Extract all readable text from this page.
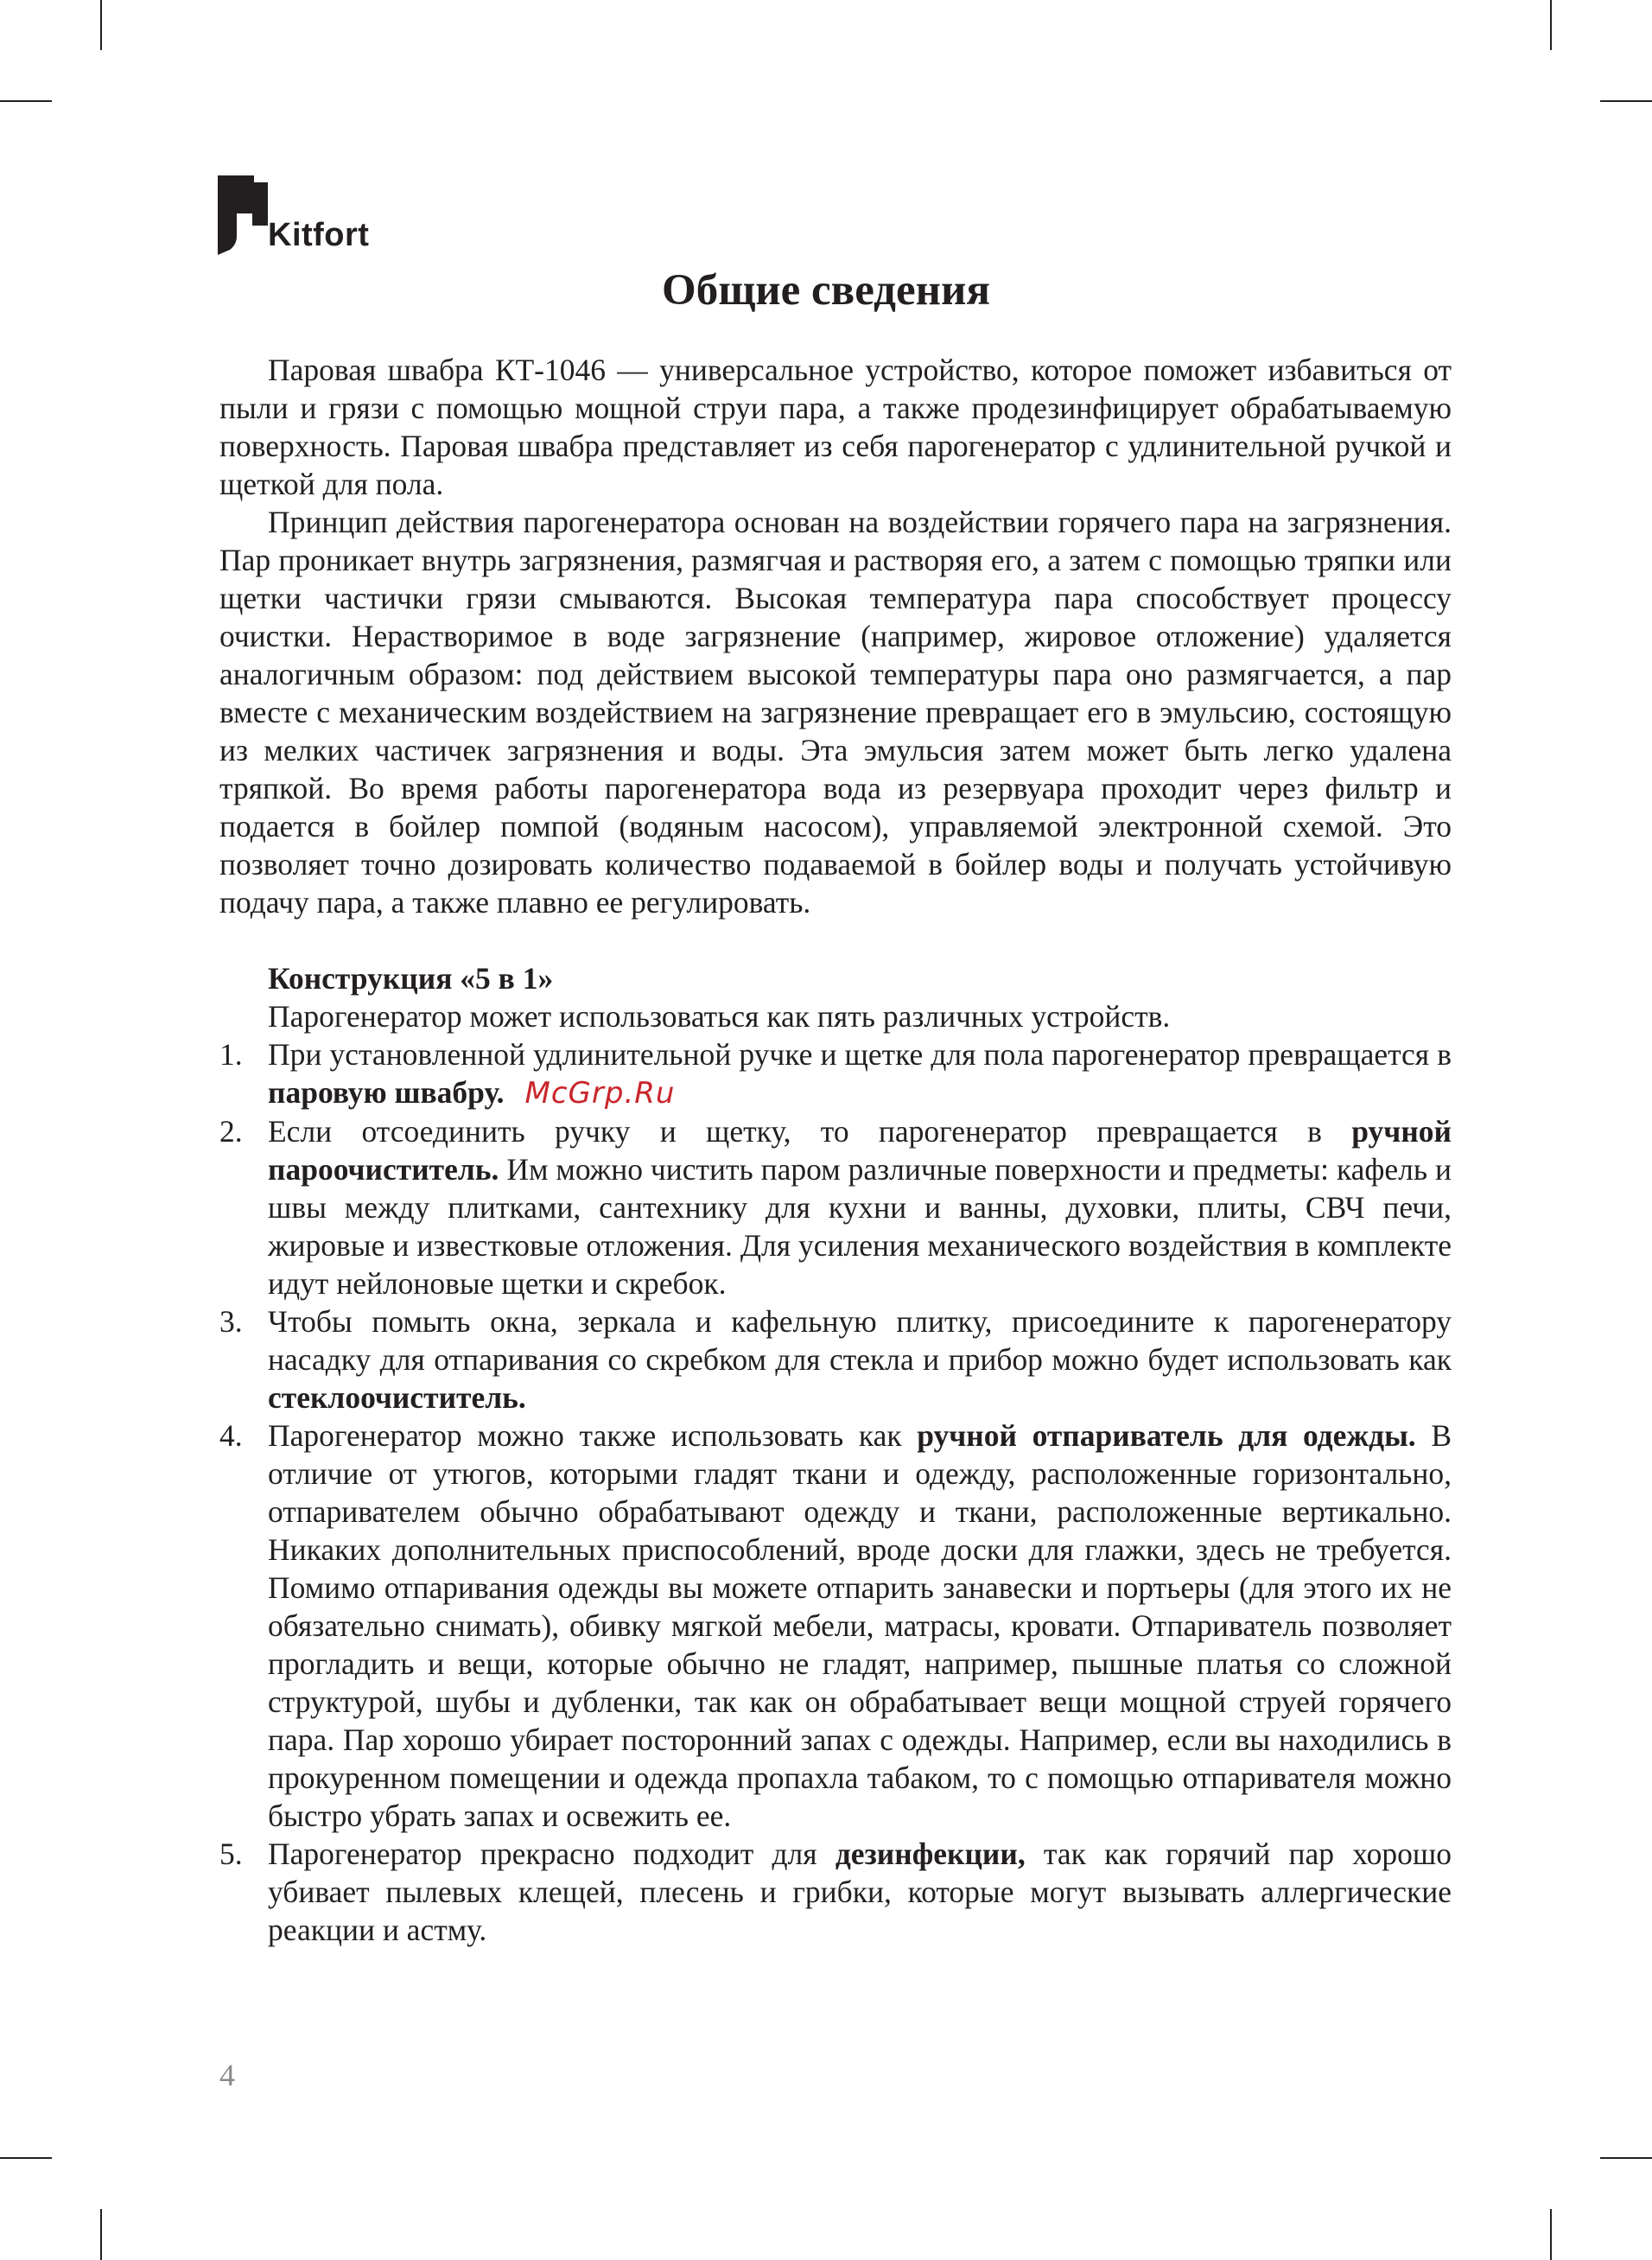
Kitfort
Общие сведения

Паровая швабра КТ-1046 — универсальное устройство, которое поможет избавиться от пыли и грязи с помощью мощной струи пара, а также продезинфицирует обрабатываемую поверхность. Паровая швабра представляет из себя парогенератор с удлинительной ручкой и щеткой для пола.

Принцип действия парогенератора основан на воздействии горячего пара на загрязнения. Пар проникает внутрь загрязнения, размягчая и растворяя его, а затем с помощью тряпки или щетки частички грязи смываются. Высокая температура пара способствует процессу очистки. Нерастворимое в воде загрязнение (например, жировое отложение) удаляется аналогичным образом: под действием высокой температуры пара оно размягчается, а пар вместе с механическим воздействием на загрязнение превращает его в эмульсию, состоящую из мелких частичек загрязнения и воды. Эта эмульсия затем может быть легко удалена тряпкой. Во время работы парогенератора вода из резервуара проходит через фильтр и подается в бойлер помпой (водяным насосом), управляемой электронной схемой. Это позволяет точно дозировать количество подаваемой в бойлер воды и получать устойчивую подачу пара, а также плавно ее регулировать.

Конструкция «5 в 1»

Парогенератор может использоваться как пять различных устройств.

1. При установленной удлинительной ручке и щетке для пола парогенератор превращается в паровую швабру. McGrp.Ru
2. Если отсоединить ручку и щетку, то парогенератор превращается в ручной пароочиститель. Им можно чистить паром различные поверхности и предметы: кафель и швы между плитками, сантехнику для кухни и ванны, духовки, плиты, СВЧ печи, жировые и известковые отложения. Для усиления механического воздействия в комплекте идут нейлоновые щетки и скребок.
3. Чтобы помыть окна, зеркала и кафельную плитку, присоедините к парогенератору насадку для отпаривания со скребком для стекла и прибор можно будет использовать как стеклоочиститель.
4. Парогенератор можно также использовать как ручной отпариватель для одежды. В отличие от утюгов, которыми гладят ткани и одежду, расположенные горизонтально, отпаривателем обычно обрабатывают одежду и ткани, расположенные вертикально. Никаких дополнительных приспособлений, вроде доски для глажки, здесь не требуется. Помимо отпаривания одежды вы можете отпарить занавески и портьеры (для этого их не обязательно снимать), обивку мягкой мебели, матрасы, кровати. Отпариватель позволяет прогладить и вещи, которые обычно не гладят, например, пышные платья со сложной структурой, шубы и дубленки, так как он обрабатывает вещи мощной струей горячего пара. Пар хорошо убирает посторонний запах с одежды. Например, если вы находились в прокуренном помещении и одежда пропахла табаком, то с помощью отпаривателя можно быстро убрать запах и освежить ее.
5. Парогенератор прекрасно подходит для дезинфекции, так как горячий пар хорошо убивает пылевых клещей, плесень и грибки, которые могут вызывать аллергические реакции и астму.
4
